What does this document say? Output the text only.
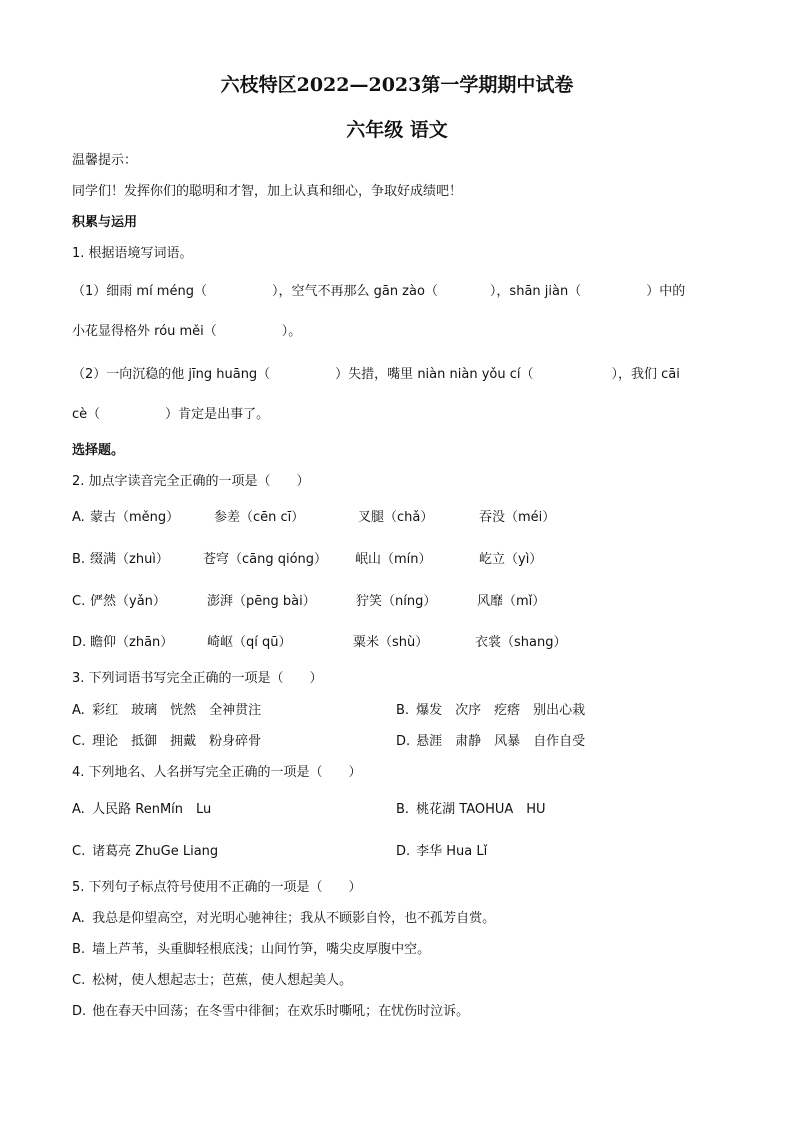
六枝特区2022—2023第一学期期中试卷
六年级 语文
温馨提示：
同学们！发挥你们的聪明和才智，加上认真和细心，争取好成绩吧！
积累与运用
1. 根据语境写词语。
（1）细雨 mí méng（　　　　　），空气不再那么 gān zào（　　　　），shān jiàn（　　　　　）中的
小花显得格外 róu měi（　　　　　）。
（2）一向沉稳的他 jīng huāng（　　　　　）失措，嘴里 niàn niàn yǒu cí（　　　　　　），我们 cāi
cè（　　　　　）肯定是出事了。
选择题。
2. 加点字读音完全正确的一项是（　　）
A. 蒙古（měng）	参差（cēn cī）	叉腿（chǎ）	吞没（méi）
B. 缀满（zhuì）	苍穹（cāng qióng） 岷山（mín）	屹立（yì）
C. 俨然（yǎn）	澎湃（pēng bài）	狞笑（níng）	风靡（mǐ）
D. 瞻仰（zhān）	崎岖（qí qū）	粟米（shù）	衣裳（shang）
3. 下列词语书写完全正确的一项是（　　）
A. 彩红　玻璃　恍然　全神贯注	B. 爆发　次序　疙瘩　别出心栽
C. 理论　抵御　拥戴　粉身碎骨	D. 悬涯　肃静　风暴　自作自受
4. 下列地名、人名拼写完全正确的一项是（　　）
A. 人民路 RenMín　Lu	B. 桃花湖 TAOHUA　HU
C. 诸葛亮 ZhuGe Liang	D. 李华 Hua Lǐ
5. 下列句子标点符号使用不正确的一项是（　　）
A. 我总是仰望高空，对光明心驰神往；我从不顾影自怜，也不孤芳自赏。
B. 墙上芦苇，头重脚轻根底浅；山间竹笋，嘴尖皮厚腹中空。
C. 松树，使人想起志士；芭蕉，使人想起美人。
D. 他在春天中回荡；在冬雪中徘徊；在欢乐时嘶吼；在忧伤时泣诉。
